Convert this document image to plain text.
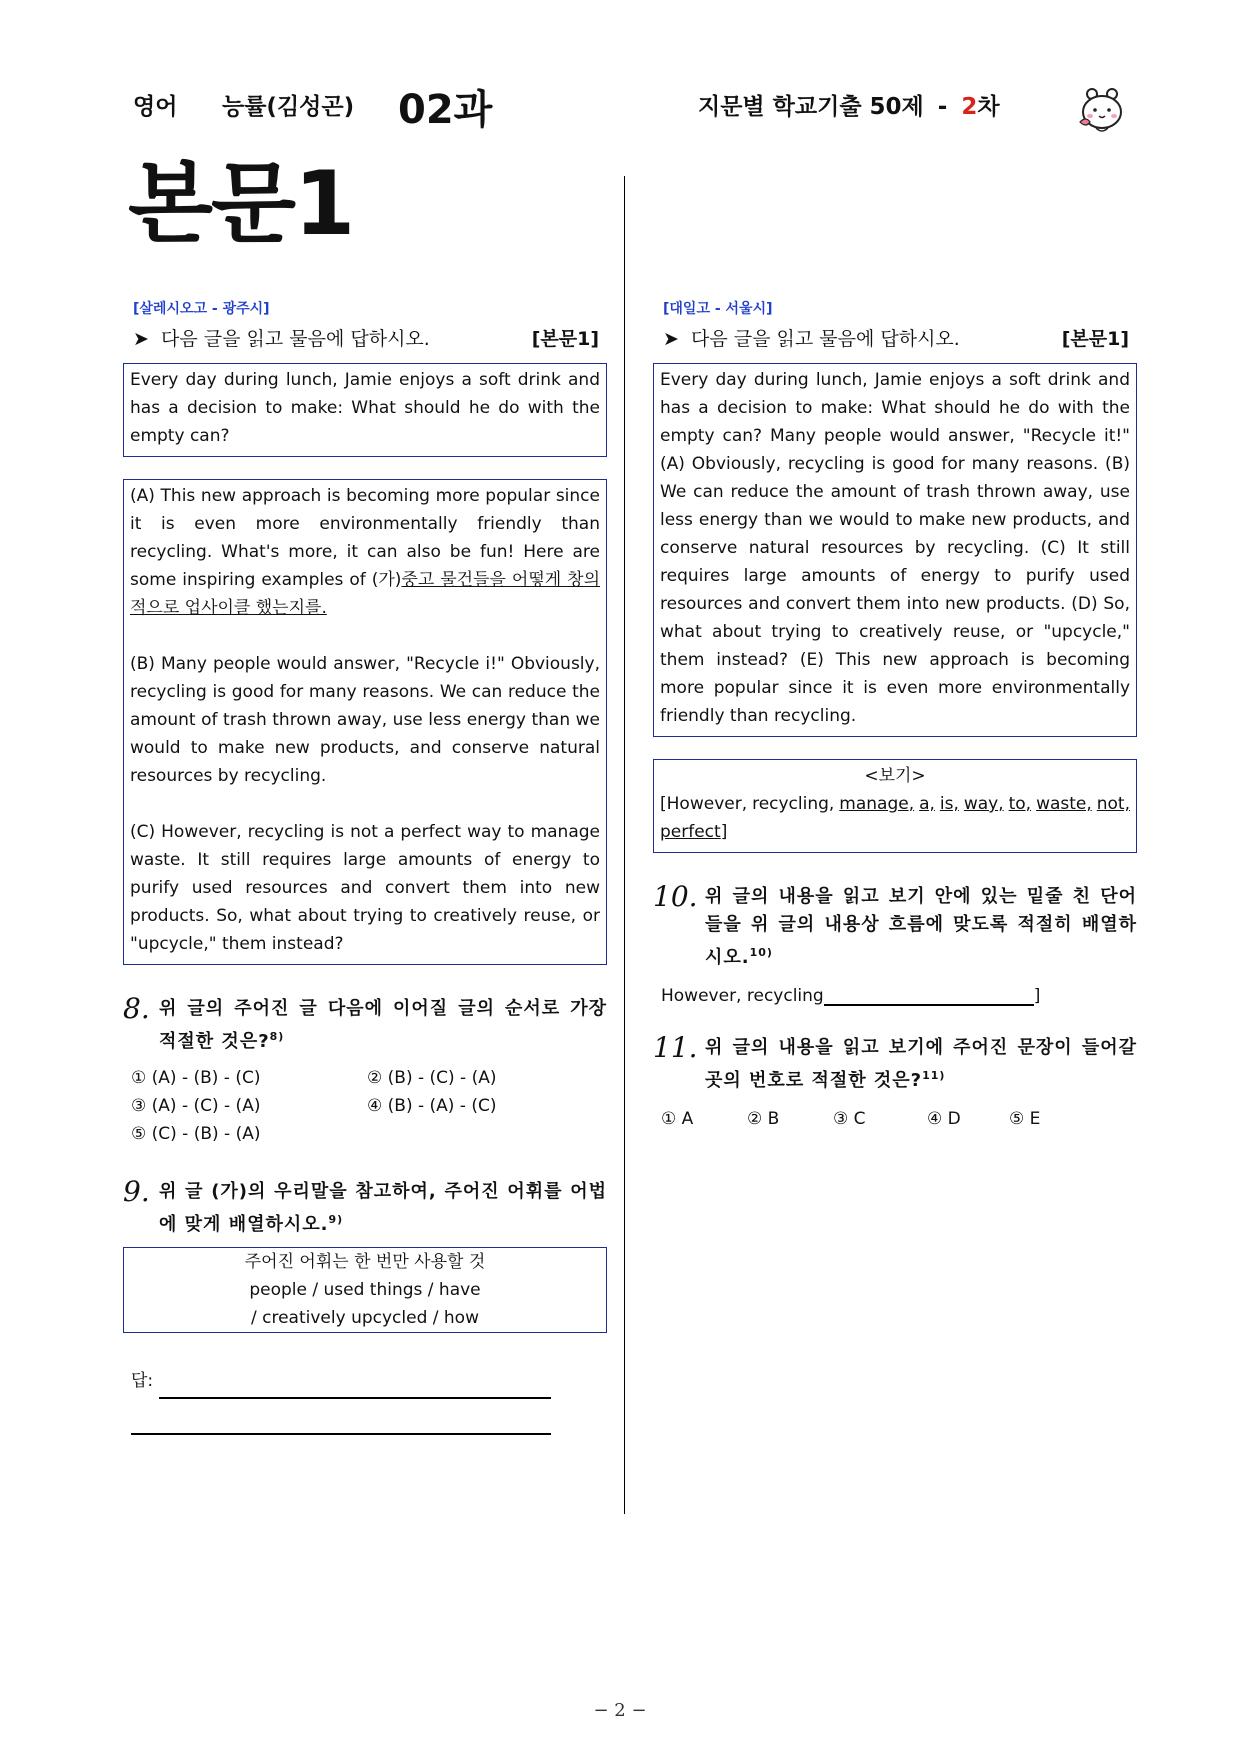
영어 능률(김성곤) 02과	지문별 학교기출 50제 - 2차
본문1
[살레시오고 - 광주시]
➤ 다음 글을 읽고 물음에 답하시오.	[본문1]
Every day during lunch, Jamie enjoys a soft drink and has a decision to make: What should he do with the empty can?
(A) This new approach is becoming more popular since it is even more environmentally friendly than recycling. What's more, it can also be fun! Here are some inspiring examples of (가)중고 물건들을 어떻게 창의적으로 업사이클 했는지를.
(B) Many people would answer, "Recycle i!" Obviously, recycling is good for many reasons. We can reduce the amount of trash thrown away, use less energy than we would to make new products, and conserve natural resources by recycling.
(C) However, recycling is not a perfect way to manage waste. It still requires large amounts of energy to purify used resources and convert them into new products. So, what about trying to creatively reuse, or "upcycle," them instead?
8. 위 글의 주어진 글 다음에 이어질 글의 순서로 가장 적절한 것은?$^{8)}$
① (A) - (B) - (C)	② (B) - (C) - (A)
③ (A) - (C) - (A)	④ (B) - (A) - (C)
⑤ (C) - (B) - (A)
9. 위 글 (가)의 우리말을 참고하여, 주어진 어휘를 어법에 맞게 배열하시오.$^{9)}$
주어진 어휘는 한 번만 사용할 것
people / used things / have
/ creatively upcycled / how
답:

[대일고 - 서울시]
➤ 다음 글을 읽고 물음에 답하시오.	[본문1]
Every day during lunch, Jamie enjoys a soft drink and has a decision to make: What should he do with the empty can? Many people would answer, "Recycle it!" (A) Obviously, recycling is good for many reasons. (B) We can reduce the amount of trash thrown away, use less energy than we would to make new products, and conserve natural resources by recycling. (C) It still requires large amounts of energy to purify used resources and convert them into new products. (D) So, what about trying to creatively reuse, or "upcycle," them instead? (E) This new approach is becoming more popular since it is even more environmentally friendly than recycling.
<보기>
[However, recycling, manage, a, is, way, to, waste, not,
perfect]
10. 위 글의 내용을 읽고 보기 안에 있는 밑줄 친 단어들을 위 글의 내용상 흐름에 맞도록 적절히 배열하시오.$^{10)}$
However, recycling	]
11. 위 글의 내용을 읽고 보기에 주어진 문장이 들어갈 곳의 번호로 적절한 것은?$^{11)}$
① A	② B	③ C	④ D	⑤ E
− 2 −
